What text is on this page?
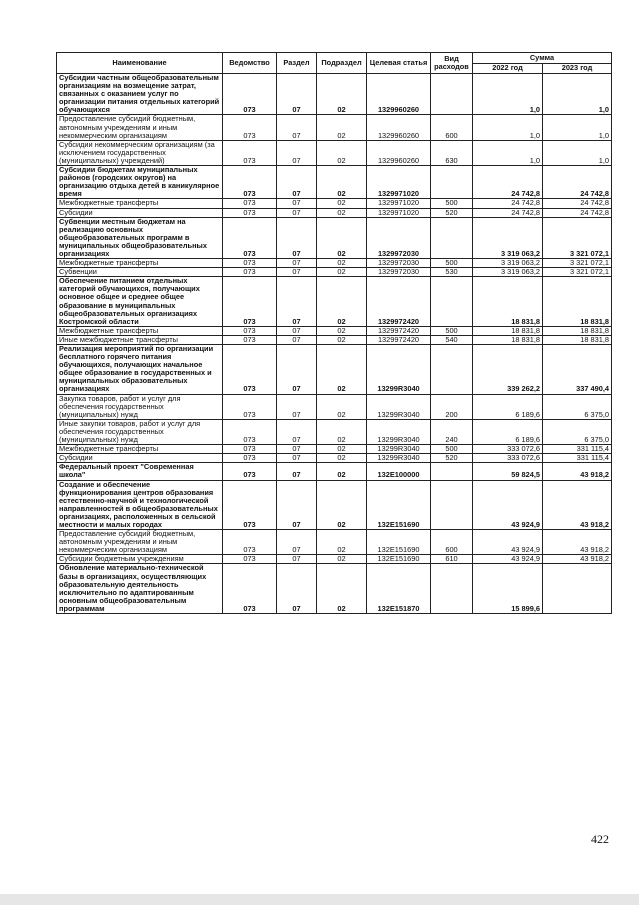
Наименование	Ведомство	Раздел	Подраздел	Целевая статья	Вид расходов	Сумма	
						2022 год	2023 год
Субсидии частным общеобразовательным организациям на возмещение затрат, связанных с оказанием услуг по организации питания отдельных категорий обучающихся	073	07	02	1329960260		1,0	1,0
Предоставление субсидий бюджетным, автономным учреждениям и иным некоммерческим организациям	073	07	02	1329960260	600	1,0	1,0
Субсидии некоммерческим организациям (за исключением государственных (муниципальных) учреждений)	073	07	02	1329960260	630	1,0	1,0
Субсидии бюджетам муниципальных районов (городских округов) на организацию отдыха детей в каникулярное время	073	07	02	1329971020		24 742,8	24 742,8
Межбюджетные трансферты	073	07	02	1329971020	500	24 742,8	24 742,8
Субсидии	073	07	02	1329971020	520	24 742,8	24 742,8
Субвенции местным бюджетам на реализацию основных общеобразовательных программ в муниципальных общеобразовательных организациях	073	07	02	1329972030		3 319 063,2	3 321 072,1
Межбюджетные трансферты	073	07	02	1329972030	500	3 319 063,2	3 321 072,1
Субвенции	073	07	02	1329972030	530	3 319 063,2	3 321 072,1
Обеспечение питанием отдельных категорий обучающихся, получающих основное общее и среднее общее образование в муниципальных общеобразовательных организациях Костромской области	073	07	02	1329972420		18 831,8	18 831,8
Межбюджетные трансферты	073	07	02	1329972420	500	18 831,8	18 831,8
Иные межбюджетные трансферты	073	07	02	1329972420	540	18 831,8	18 831,8
Реализация мероприятий по организации бесплатного горячего питания обучающихся, получающих начальное общее образование в государственных и муниципальных образовательных организациях	073	07	02	13299R3040		339 262,2	337 490,4
Закупка товаров, работ и услуг для обеспечения государственных (муниципальных) нужд	073	07	02	13299R3040	200	6 189,6	6 375,0
Иные закупки товаров, работ и услуг для обеспечения государственных (муниципальных) нужд	073	07	02	13299R3040	240	6 189,6	6 375,0
Межбюджетные трансферты	073	07	02	13299R3040	500	333 072,6	331 115,4
Субсидии	073	07	02	13299R3040	520	333 072,6	331 115,4
Федеральный проект "Современная школа"	073	07	02	132E100000		59 824,5	43 918,2
Создание и обеспечение функционирования центров образования естественно-научной и технологической направленностей в общеобразовательных организациях, расположенных в сельской местности и малых городах	073	07	02	132E151690		43 924,9	43 918,2
Предоставление субсидий бюджетным, автономным учреждениям и иным некоммерческим организациям	073	07	02	132E151690	600	43 924,9	43 918,2
Субсидии бюджетным учреждениям	073	07	02	132E151690	610	43 924,9	43 918,2
Обновление материально-технической базы в организациях, осуществляющих образовательную деятельность исключительно по адаптированным основным общеобразовательным программам	073	07	02	132E151870		15 899,6	
422
